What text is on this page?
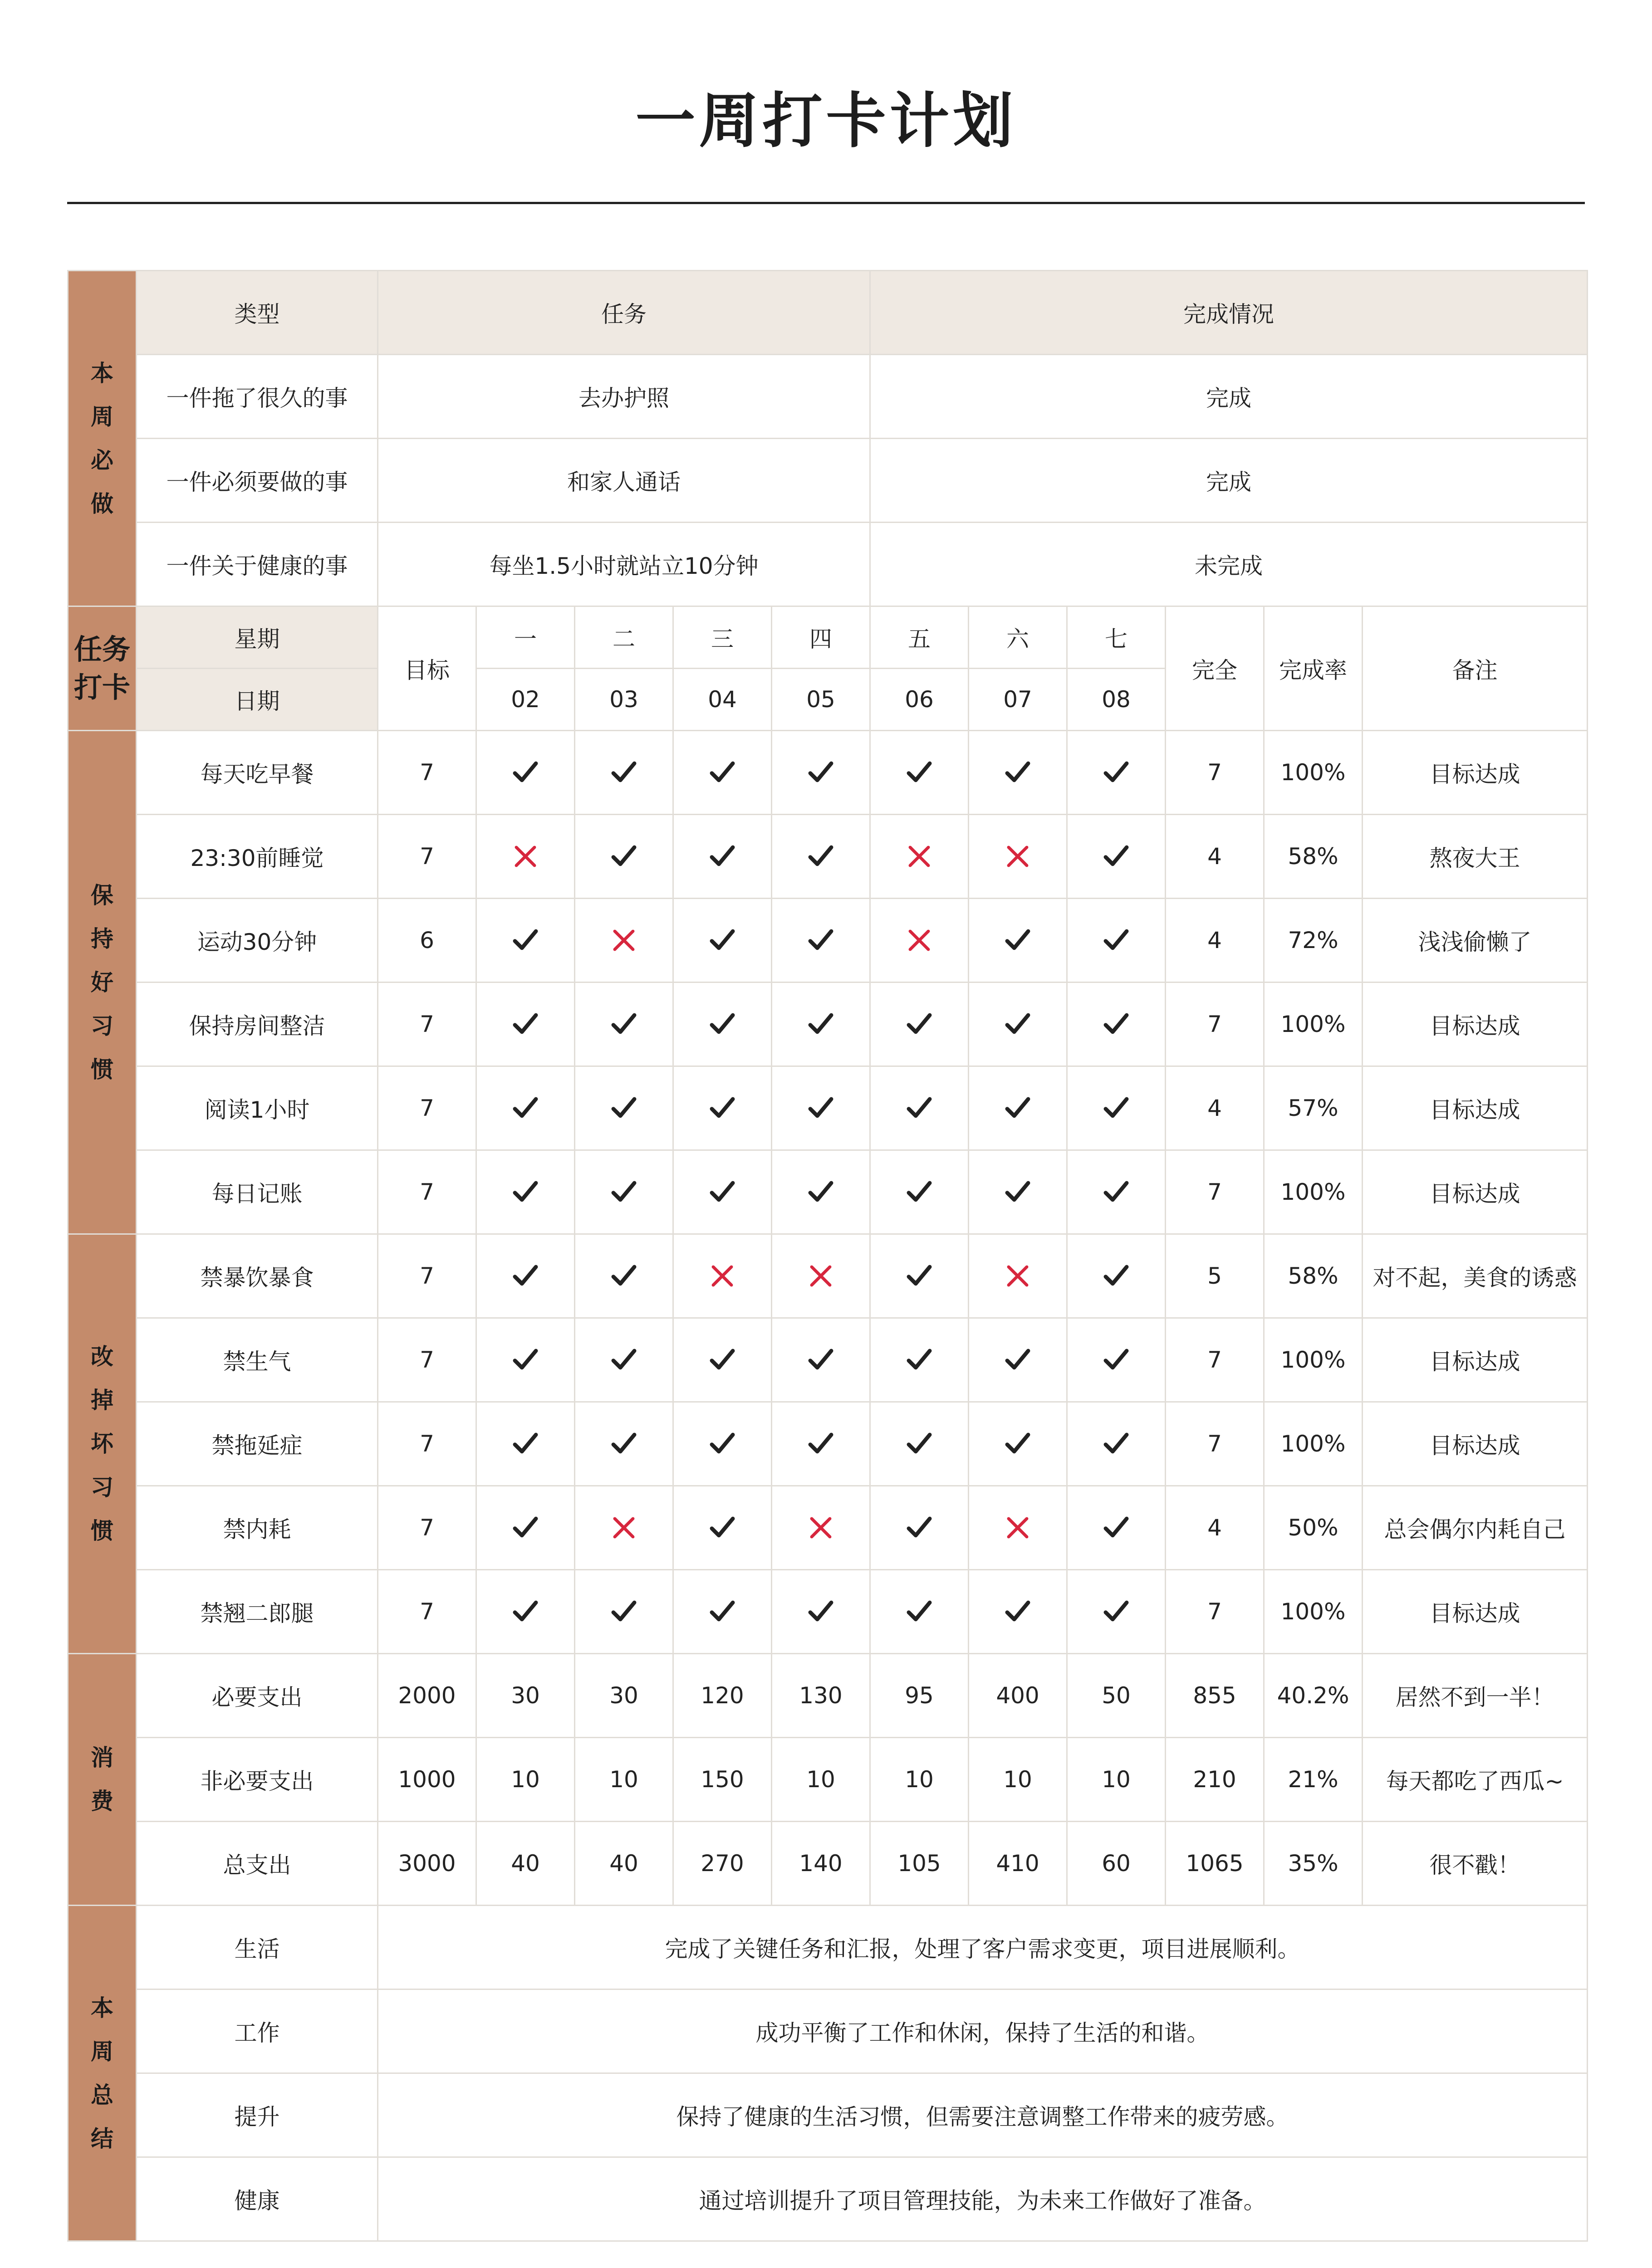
一周打卡计划
本
周
必
做	类型	任务					完成情况					
	一件拖了很久的事	去办护照					完成					
	一件必须要做的事	和家人通话					完成					
	一件关于健康的事	每坐1.5小时就站立10分钟					未完成					
任务
打卡	星期	目标	一	二	三	四	五	六	七	完全	完成率	备注
	日期		02	03	04	05	06	07	08			
保
持
好
习
惯	每天吃早餐	7								7	100%	目标达成
	23:30前睡觉	7								4	58%	熬夜大王
	运动30分钟	6								4	72%	浅浅偷懒了
	保持房间整洁	7								7	100%	目标达成
	阅读1小时	7								4	57%	目标达成
	每日记账	7								7	100%	目标达成
改
掉
坏
习
惯	禁暴饮暴食	7								5	58%	对不起，美食的诱惑
	禁生气	7								7	100%	目标达成
	禁拖延症	7								7	100%	目标达成
	禁内耗	7								4	50%	总会偶尔内耗自己
	禁翘二郎腿	7								7	100%	目标达成
消
费	必要支出	2000	30	30	120	130	95	400	50	855	40.2%	居然不到一半！
	非必要支出	1000	10	10	150	10	10	10	10	210	21%	每天都吃了西瓜~
	总支出	3000	40	40	270	140	105	410	60	1065	35%	很不戳！
本
周
总
结	生活	完成了关键任务和汇报，处理了客户需求变更，项目进展顺利。										
	工作	成功平衡了工作和休闲，保持了生活的和谐。										
	提升	保持了健康的生活习惯，但需要注意调整工作带来的疲劳感。										
	健康	通过培训提升了项目管理技能，为未来工作做好了准备。										
